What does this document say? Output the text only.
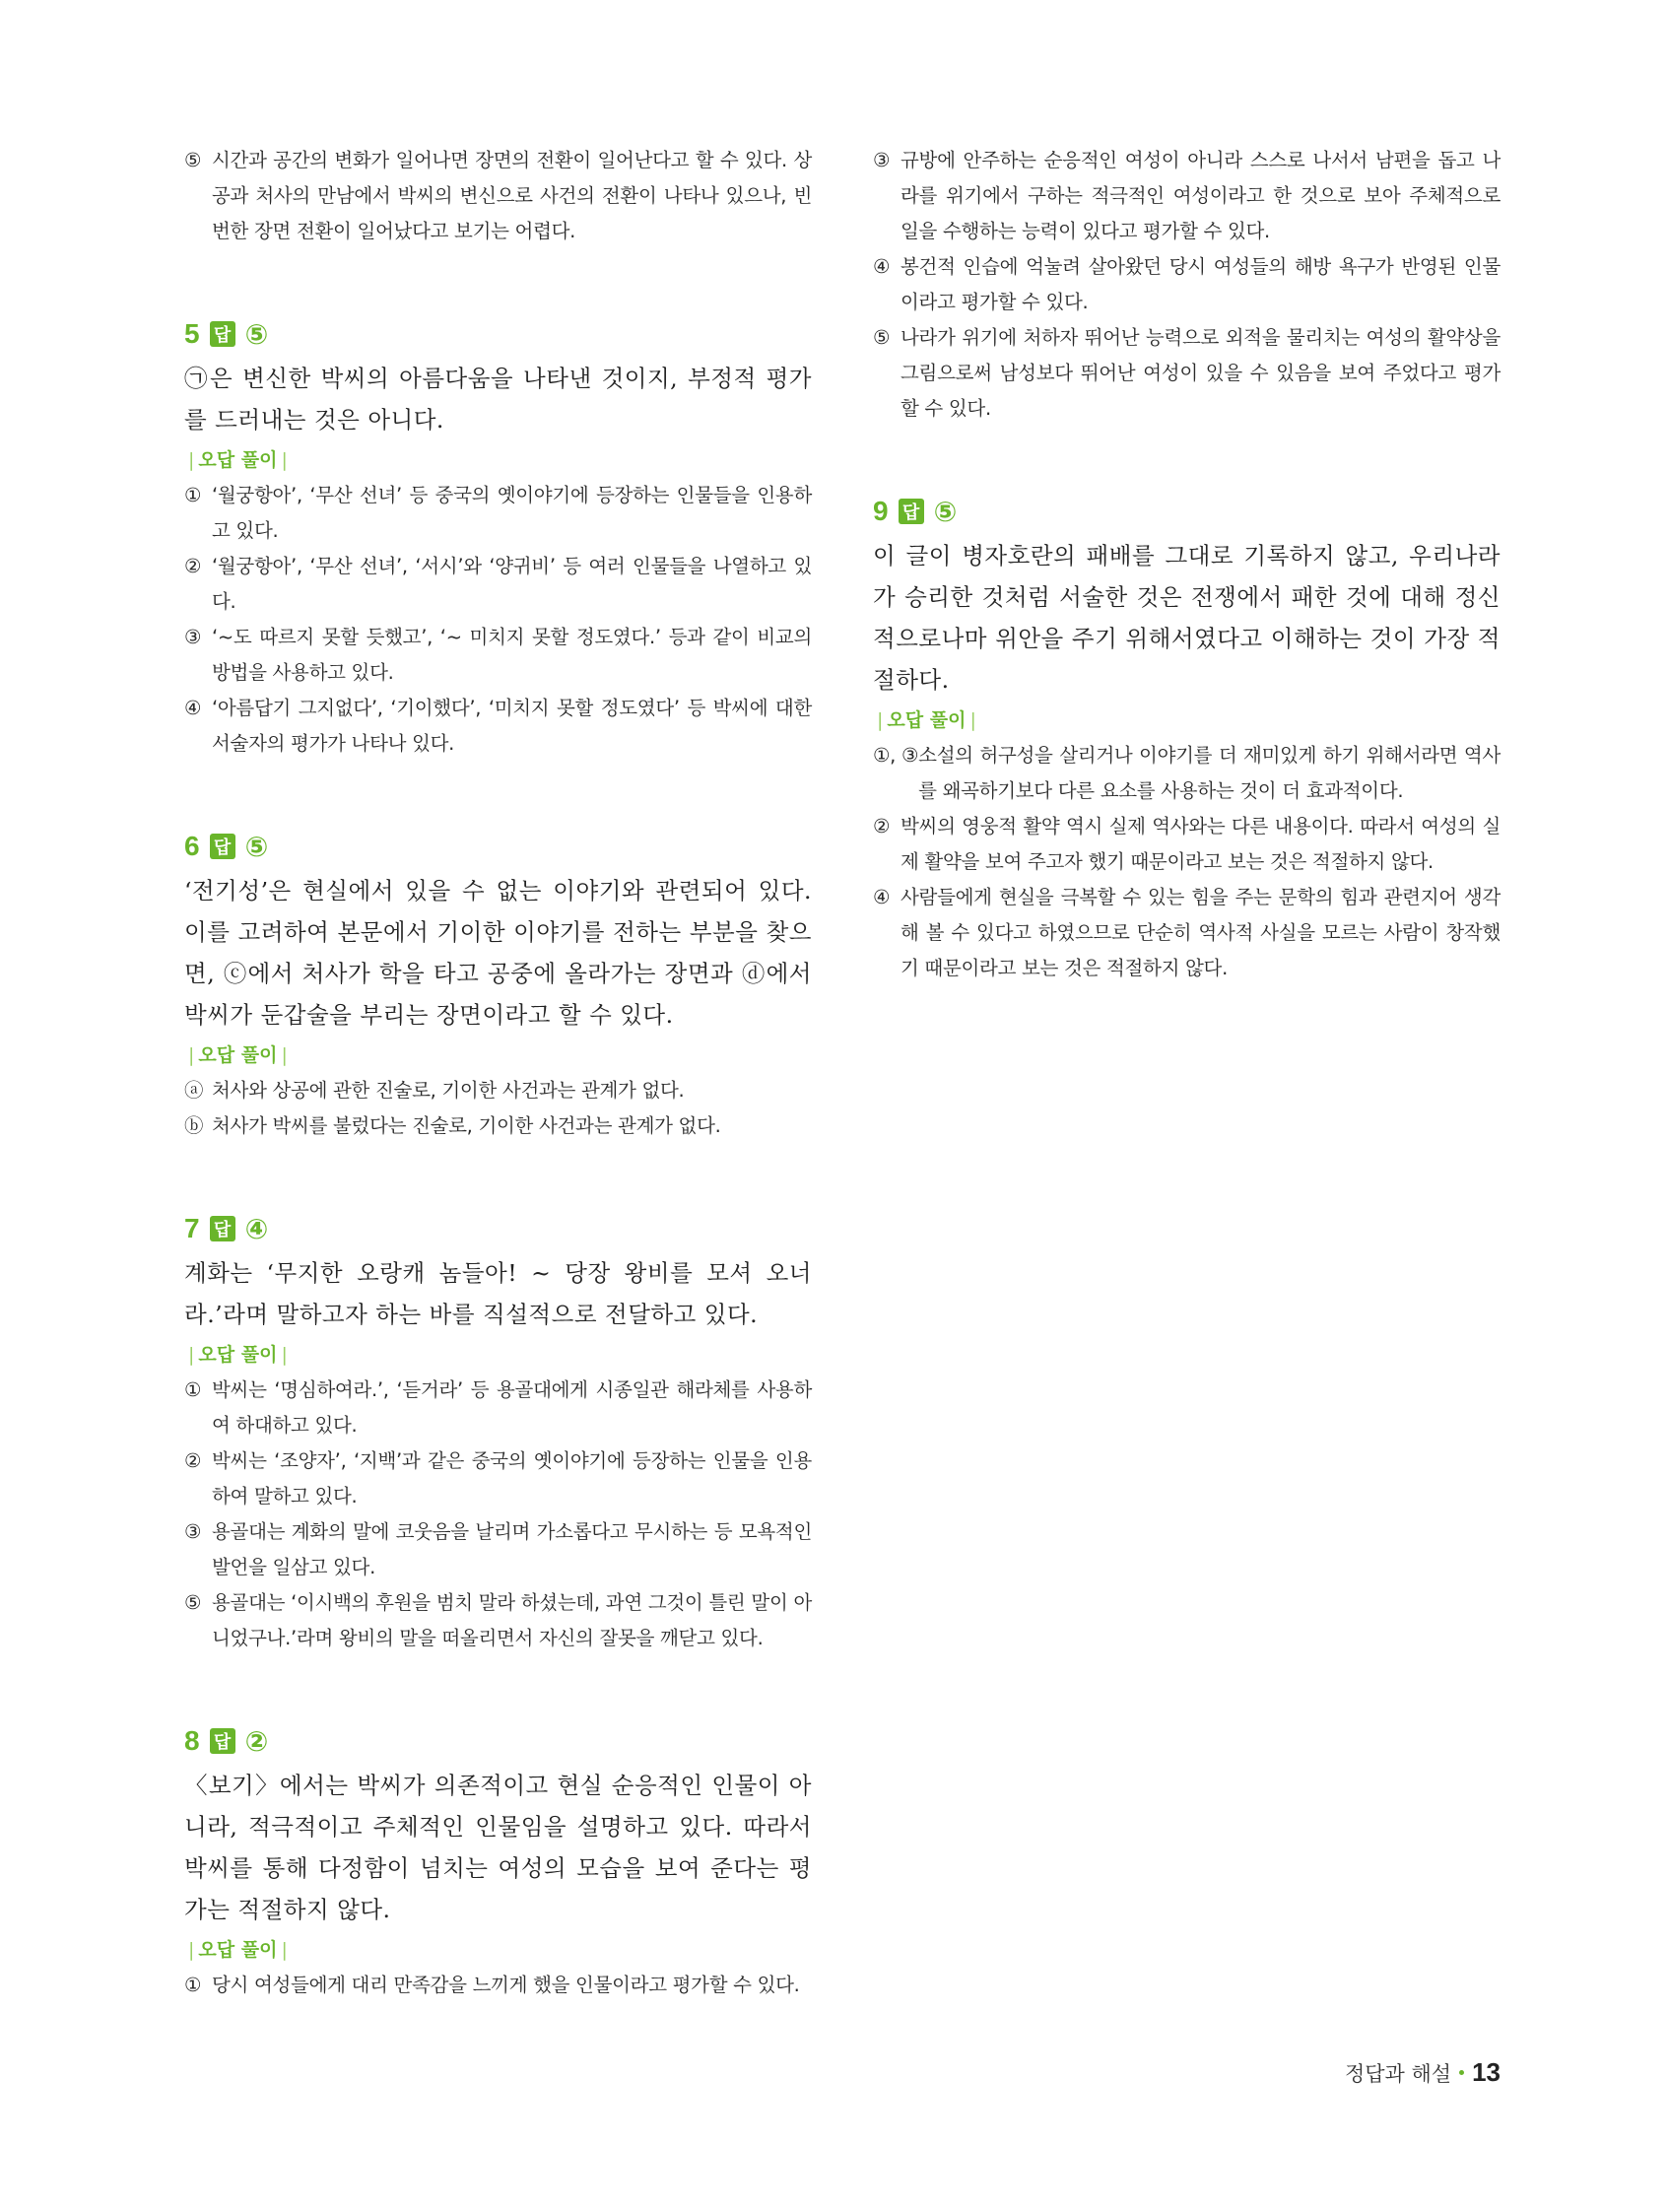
⑤ 시간과 공간의 변화가 일어나면 장면의 전환이 일어난다고 할 수 있다. 상공과 처사의 만남에서 박씨의 변신으로 사건의 전환이 나타나 있으나, 빈번한 장면 전환이 일어났다고 보기는 어렵다.
5 답 ⑤
㉠은 변신한 박씨의 아름다움을 나타낸 것이지, 부정적 평가를 드러내는 것은 아니다.
| 오답 풀이 |
① ‘월궁항아’, ‘무산 선녀’ 등 중국의 옛이야기에 등장하는 인물들을 인용하고 있다.
② ‘월궁항아’, ‘무산 선녀’, ‘서시’와 ‘양귀비’ 등 여러 인물들을 나열하고 있다.
③ ‘~도 따르지 못할 듯했고’, ‘~ 미치지 못할 정도였다.’ 등과 같이 비교의 방법을 사용하고 있다.
④ ‘아름답기 그지없다’, ‘기이했다’, ‘미치지 못할 정도였다’ 등 박씨에 대한 서술자의 평가가 나타나 있다.
6 답 ⑤
‘전기성’은 현실에서 있을 수 없는 이야기와 관련되어 있다. 이를 고려하여 본문에서 기이한 이야기를 전하는 부분을 찾으면, ⓒ에서 처사가 학을 타고 공중에 올라가는 장면과 ⓓ에서 박씨가 둔갑술을 부리는 장면이라고 할 수 있다.
| 오답 풀이 |
ⓐ 처사와 상공에 관한 진술로, 기이한 사건과는 관계가 없다.
ⓑ 처사가 박씨를 불렀다는 진술로, 기이한 사건과는 관계가 없다.
7 답 ④
계화는 ‘무지한 오랑캐 놈들아! ~ 당장 왕비를 모셔 오너라.’라며 말하고자 하는 바를 직설적으로 전달하고 있다.
| 오답 풀이 |
① 박씨는 ‘명심하여라.’, ‘듣거라’ 등 용골대에게 시종일관 해라체를 사용하여 하대하고 있다.
② 박씨는 ‘조양자’, ‘지백’과 같은 중국의 옛이야기에 등장하는 인물을 인용하여 말하고 있다.
③ 용골대는 계화의 말에 코웃음을 날리며 가소롭다고 무시하는 등 모욕적인 발언을 일삼고 있다.
⑤ 용골대는 ‘이시백의 후원을 범치 말라 하셨는데, 과연 그것이 틀린 말이 아니었구나.’라며 왕비의 말을 떠올리면서 자신의 잘못을 깨닫고 있다.
8 답 ②
〈보기〉에서는 박씨가 의존적이고 현실 순응적인 인물이 아니라, 적극적이고 주체적인 인물임을 설명하고 있다. 따라서 박씨를 통해 다정함이 넘치는 여성의 모습을 보여 준다는 평가는 적절하지 않다.
| 오답 풀이 |
① 당시 여성들에게 대리 만족감을 느끼게 했을 인물이라고 평가할 수 있다.
③ 규방에 안주하는 순응적인 여성이 아니라 스스로 나서서 남편을 돕고 나라를 위기에서 구하는 적극적인 여성이라고 한 것으로 보아 주체적으로 일을 수행하는 능력이 있다고 평가할 수 있다.
④ 봉건적 인습에 억눌려 살아왔던 당시 여성들의 해방 욕구가 반영된 인물이라고 평가할 수 있다.
⑤ 나라가 위기에 처하자 뛰어난 능력으로 외적을 물리치는 여성의 활약상을 그림으로써 남성보다 뛰어난 여성이 있을 수 있음을 보여 주었다고 평가할 수 있다.
9 답 ⑤
이 글이 병자호란의 패배를 그대로 기록하지 않고, 우리나라가 승리한 것처럼 서술한 것은 전쟁에서 패한 것에 대해 정신적으로나마 위안을 주기 위해서였다고 이해하는 것이 가장 적절하다.
| 오답 풀이 |
①, ③ 소설의 허구성을 살리거나 이야기를 더 재미있게 하기 위해서라면 역사를 왜곡하기보다 다른 요소를 사용하는 것이 더 효과적이다.
② 박씨의 영웅적 활약 역시 실제 역사와는 다른 내용이다. 따라서 여성의 실제 활약을 보여 주고자 했기 때문이라고 보는 것은 적절하지 않다.
④ 사람들에게 현실을 극복할 수 있는 힘을 주는 문학의 힘과 관련지어 생각해 볼 수 있다고 하였으므로 단순히 역사적 사실을 모르는 사람이 창작했기 때문이라고 보는 것은 적절하지 않다.
정답과 해설 13
